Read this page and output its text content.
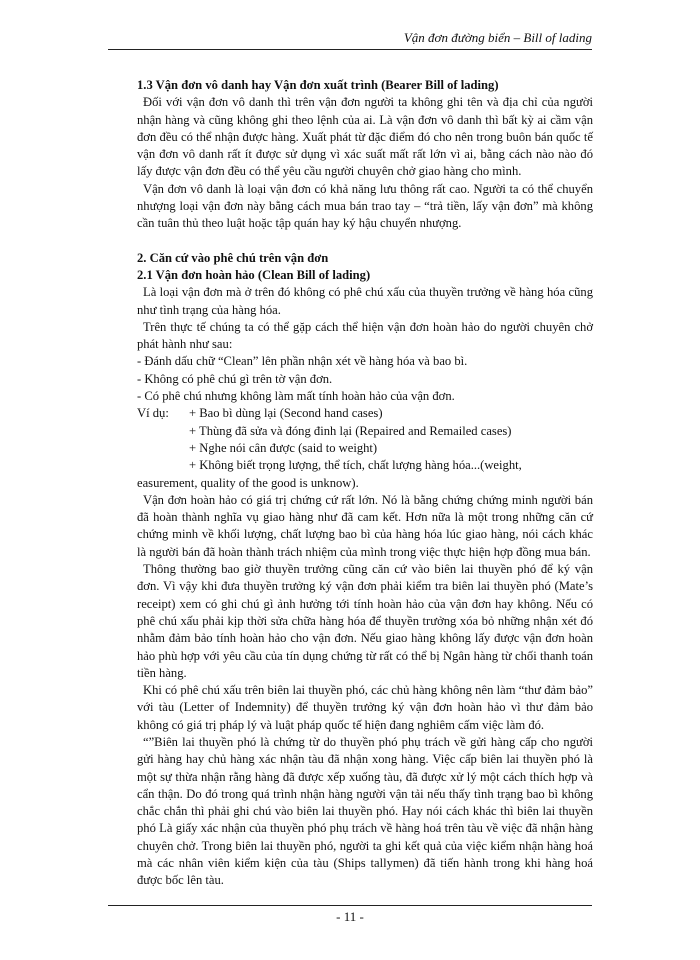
Vận đơn đường biển – Bill of lading
1.3 Vận đơn vô danh hay Vận đơn xuất trình (Bearer Bill of lading)

Đối với vận đơn vô danh thì trên vận đơn người ta không ghi tên và địa chỉ của người nhận hàng và cũng không ghi theo lệnh của ai. Là vận đơn vô danh thì bất kỳ ai cầm vận đơn đều có thể nhận được hàng. Xuất phát từ đặc điểm đó cho nên trong buôn bán quốc tế vận đơn vô danh rất ít được sử dụng vì xác suất mất rất lớn vì ai, bằng cách nào nào đó lấy được vận đơn đều có thể yêu cầu người chuyên chở giao hàng cho mình.

Vận đơn vô danh là loại vận đơn có khả năng lưu thông rất cao. Người ta có thể chuyển nhượng loại vận đơn này bằng cách mua bán trao tay – “trả tiền, lấy vận đơn” mà không cần tuân thủ theo luật hoặc tập quán hay ký hậu chuyển nhượng.

2. Căn cứ vào phê chú trên vận đơn
2.1 Vận đơn hoàn hảo (Clean Bill of lading)

Là loại vận đơn mà ở trên đó không có phê chú xấu của thuyền trưởng về hàng hóa cũng như tình trạng của hàng hóa.

Trên thực tế chúng ta có thể gặp cách thể hiện vận đơn hoàn hảo do người chuyên chở phát hành như sau:

- Đánh dấu chữ “Clean” lên phần nhận xét về hàng hóa và bao bì.
- Không có phê chú gì trên tờ vận đơn.
- Có phê chú nhưng không làm mất tính hoàn hảo của vận đơn.
Ví dụ:	+ Bao bì dùng lại (Second hand cases)
+ Thùng đã sửa và đóng đinh lại (Repaired and Remailed cases)
+ Nghe nói cân được (said to weight)
+ Không biết trọng lượng, thể tích, chất lượng hàng hóa...(weight,
easurement, quality of the good is unknow).

Vận đơn hoàn hảo có giá trị chứng cứ rất lớn. Nó là bằng chứng chứng minh người bán đã hoàn thành nghĩa vụ giao hàng như đã cam kết. Hơn nữa là một trong những căn cứ chứng minh về khối lượng, chất lượng bao bì của hàng hóa lúc giao hàng, nói cách khác là người bán đã hoàn thành trách nhiệm của mình trong việc thực hiện hợp đồng mua bán.

Thông thường bao giờ thuyền trưởng cũng căn cứ vào biên lai thuyền phó để ký vận đơn. Vì vậy khi đưa thuyền trưởng ký vận đơn phải kiểm tra biên lai thuyền phó (Mate’s receipt) xem có ghi chú gì ảnh hưởng tới tính hoàn hảo của vận đơn hay không. Nếu có phê chú xấu phải kịp thời sửa chữa hàng hóa để thuyền trưởng xóa bỏ những nhận xét đó nhằm đảm bảo tính hoàn hảo cho vận đơn. Nếu giao hàng không lấy được vận đơn hoàn hảo phù hợp với yêu cầu của tín dụng chứng từ rất có thể bị Ngân hàng từ chối thanh toán tiền hàng.

Khi có phê chú xấu trên biên lai thuyền phó, các chủ hàng không nên làm “thư đảm bảo” với tàu (Letter of Indemnity) để thuyền trưởng ký vận đơn hoàn hảo vì thư đảm bảo không có giá trị pháp lý và luật pháp quốc tế hiện đang nghiêm cấm việc làm đó.

“”Biên lai thuyền phó là chứng từ do thuyền phó phụ trách về gửi hàng cấp cho người gửi hàng hay chủ hàng xác nhận tàu đã nhận xong hàng. Việc cấp biên lai thuyền phó là một sự thừa nhận rằng hàng đã được xếp xuống tàu, đã được xử lý một cách thích hợp và cẩn thận. Do đó trong quá trình nhận hàng người vận tải nếu thấy tình trạng bao bì không chắc chắn thì phải ghi chú vào biên lai thuyền phó. Hay nói cách khác thì biên lai thuyền phó Là giấy xác nhận của thuyền phó phụ trách về hàng hoá trên tàu về việc đã nhận hàng chuyên chở. Trong biên lai thuyền phó, người ta ghi kết quả của việc kiểm nhận hàng hoá mà các nhân viên kiểm kiện của tàu (Ships tallymen) đã tiến hành trong khi hàng hoá được bốc lên tàu.

- 11 -
